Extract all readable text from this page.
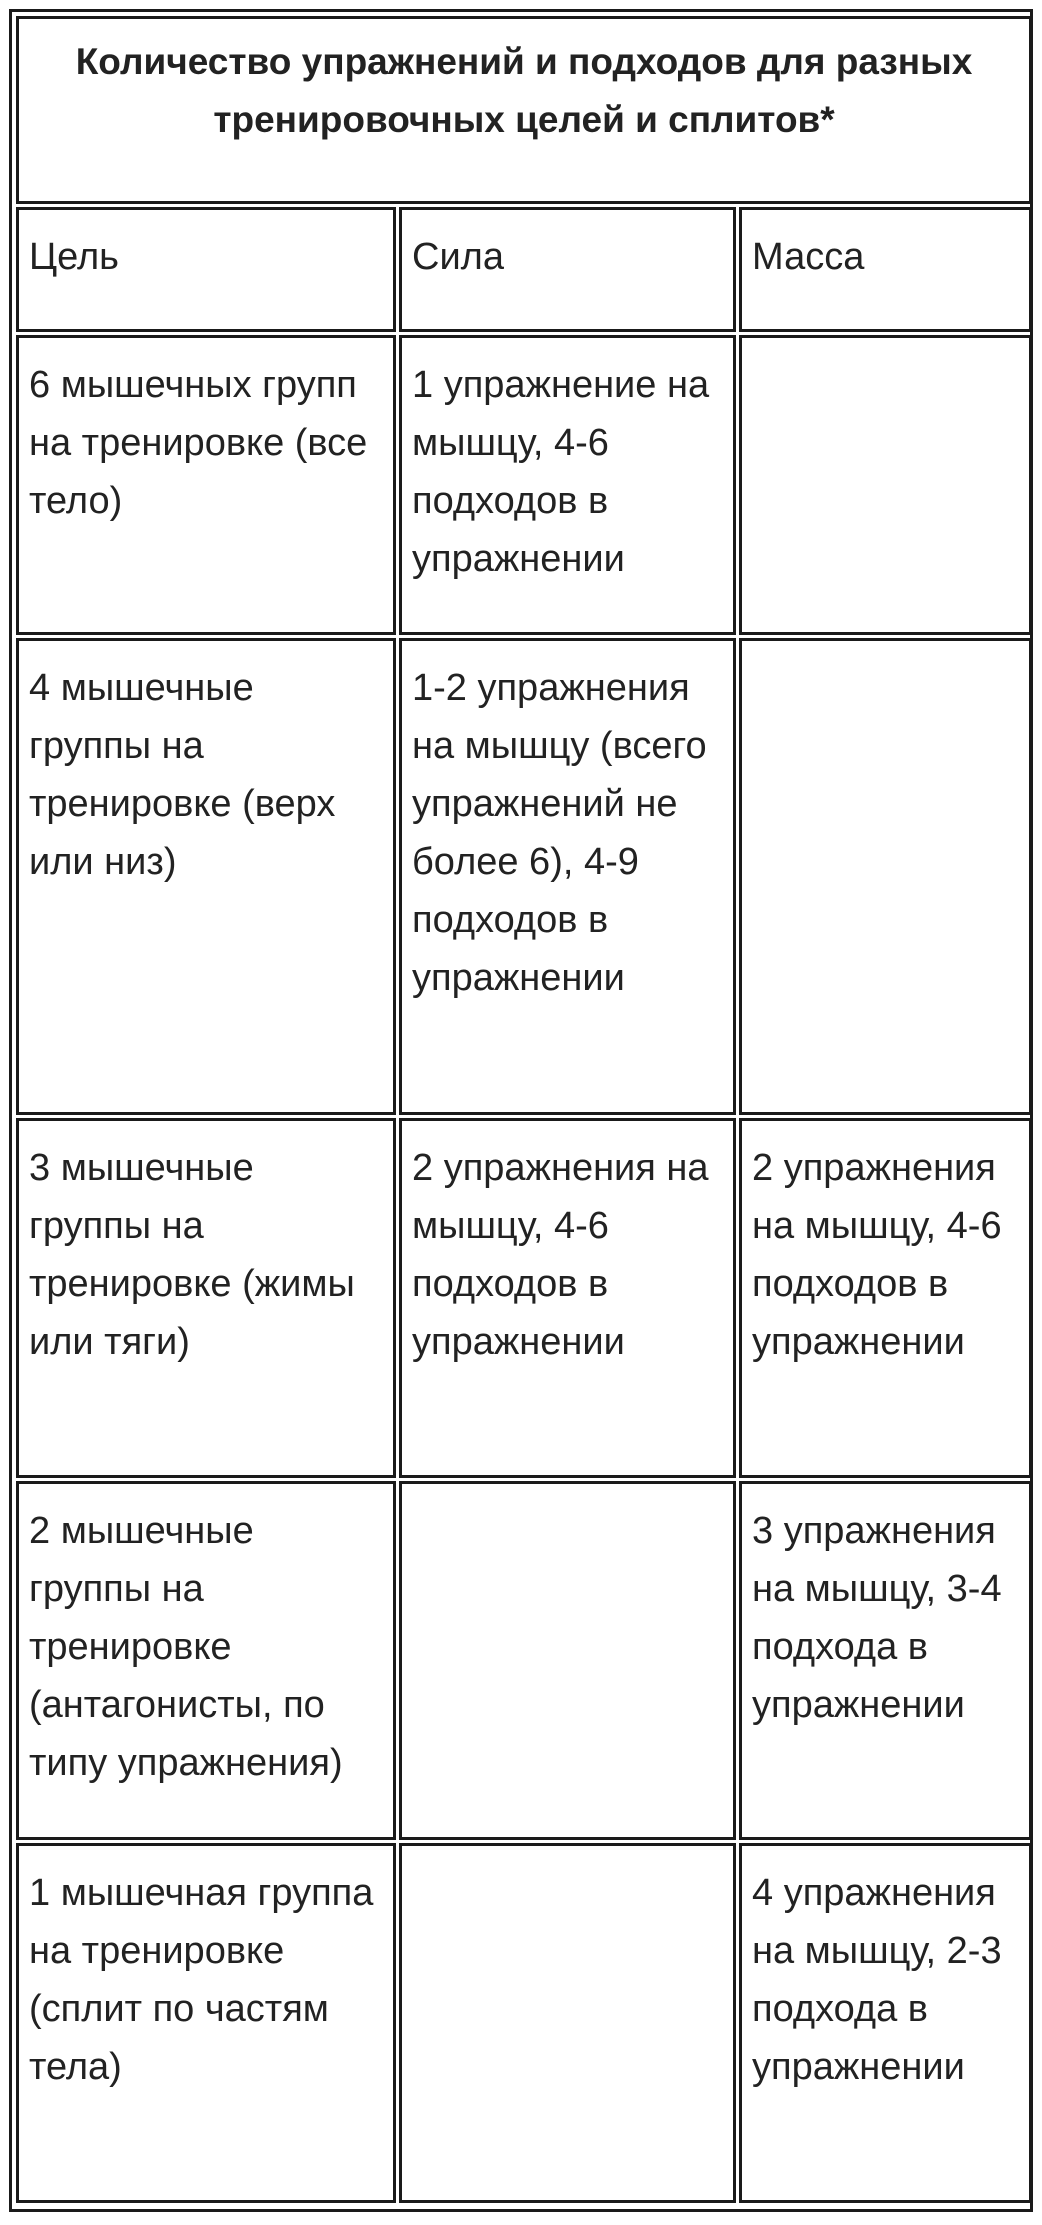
Количество упражнений и подходов для разных тренировочных целей и сплитов*		
Цель	Сила	Масса
6 мышечных групп на тренировке (все тело)	1 упражнение на мышцу, 4-6 подходов в упражнении	
4 мышечные группы на тренировке (верх или низ)	1-2 упражнения на мышцу (всего упражнений не более 6), 4-9 подходов в упражнении	
3 мышечные группы на тренировке (жимы или тяги)	2 упражнения на мышцу, 4-6 подходов в упражнении	2 упражнения на мышцу, 4-6 подходов в упражнении
2 мышечные группы на тренировке (антагонисты, по типу упражнения)		3 упражнения на мышцу, 3-4 подхода в упражнении
1 мышечная группа на тренировке (сплит по частям тела)		4 упражнения на мышцу, 2-3 подхода в упражнении
